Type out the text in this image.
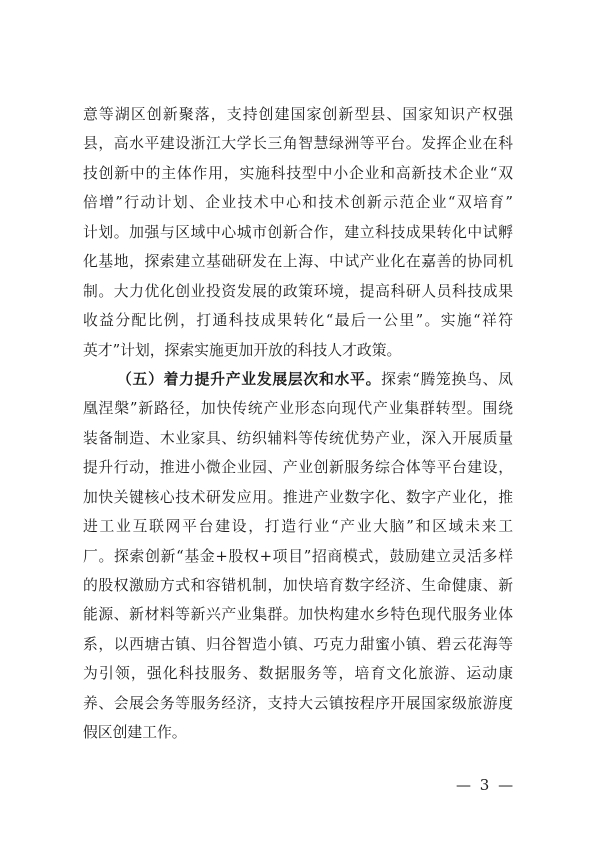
意等湖区创新聚落，支持创建国家创新型县、国家知识产权强
县，高水平建设浙江大学长三角智慧绿洲等平台。发挥企业在科
技创新中的主体作用，实施科技型中小企业和高新技术企业“双
倍增”行动计划、企业技术中心和技术创新示范企业“双培育”
计划。加强与区域中心城市创新合作，建立科技成果转化中试孵
化基地，探索建立基础研发在上海、中试产业化在嘉善的协同机
制。大力优化创业投资发展的政策环境，提高科研人员科技成果
收益分配比例，打通科技成果转化“最后一公里”。实施“祥符
英才”计划，探索实施更加开放的科技人才政策。
（五）着力提升产业发展层次和水平。探索“腾笼换鸟、凤
凰涅槃”新路径，加快传统产业形态向现代产业集群转型。围绕
装备制造、木业家具、纺织辅料等传统优势产业，深入开展质量
提升行动，推进小微企业园、产业创新服务综合体等平台建设，
加快关键核心技术研发应用。推进产业数字化、数字产业化，推
进工业互联网平台建设，打造行业“产业大脑”和区域未来工
厂。探索创新“基金+股权+项目”招商模式，鼓励建立灵活多样
的股权激励方式和容错机制，加快培育数字经济、生命健康、新
能源、新材料等新兴产业集群。加快构建水乡特色现代服务业体
系，以西塘古镇、归谷智造小镇、巧克力甜蜜小镇、碧云花海等
为引领，强化科技服务、数据服务等，培育文化旅游、运动康
养、会展会务等服务经济，支持大云镇按程序开展国家级旅游度
假区创建工作。
— 3 —
